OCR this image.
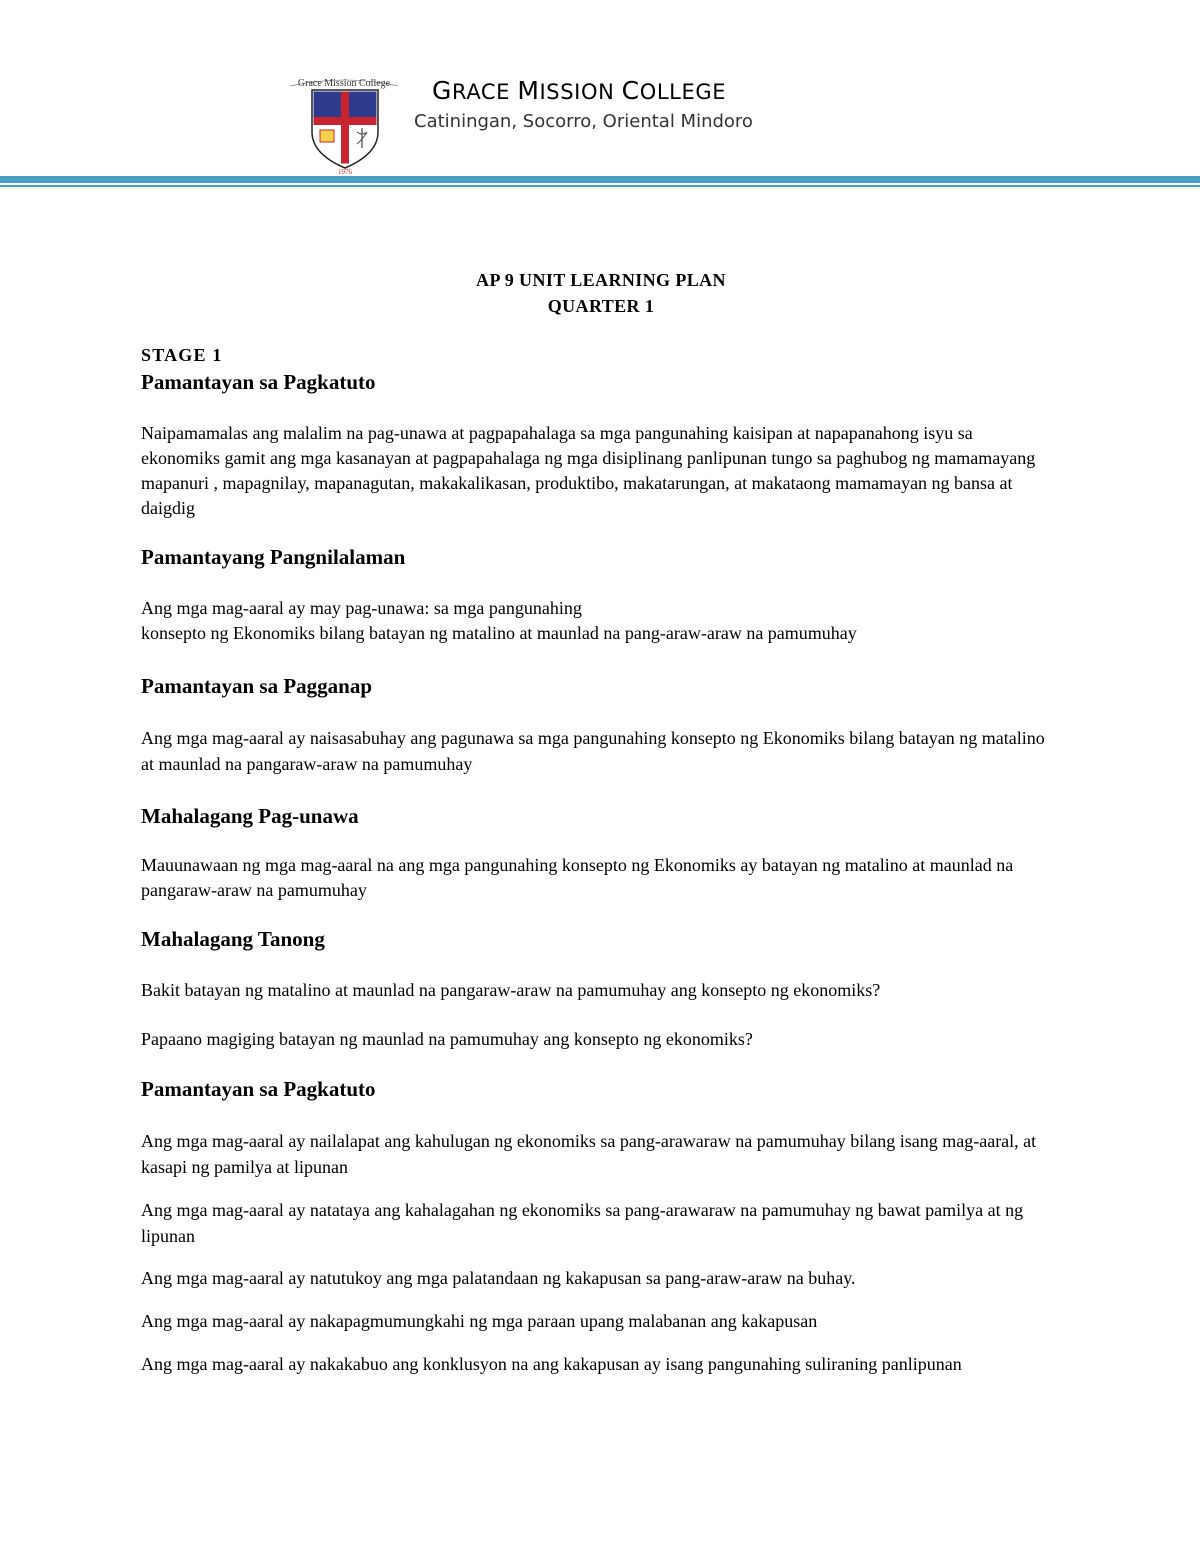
Grace Mission College
1976
GRACE MISSION COLLEGE
Catiningan, Socorro, Oriental Mindoro
AP 9 UNIT LEARNING PLAN
QUARTER 1
STAGE 1
Pamantayan sa Pagkatuto
Naipamamalas ang malalim na pag-unawa at pagpapahalaga sa mga pangunahing kaisipan at napapanahong isyu sa ekonomiks gamit ang mga kasanayan at pagpapahalaga ng mga disiplinang panlipunan tungo sa paghubog ng mamamayang mapanuri , mapagnilay, mapanagutan, makakalikasan, produktibo, makatarungan, at makataong mamamayan ng bansa at daigdig
Pamantayang Pangnilalaman
Ang mga mag-aaral ay may pag-unawa: sa mga pangunahing
konsepto ng Ekonomiks bilang batayan ng matalino at maunlad na pang-araw-araw na pamumuhay
Pamantayan sa Pagganap
Ang mga mag-aaral ay naisasabuhay ang pagunawa sa mga pangunahing konsepto ng Ekonomiks bilang batayan ng matalino at maunlad na pangaraw-araw na pamumuhay
Mahalagang Pag-unawa
Mauunawaan ng mga mag-aaral na ang mga pangunahing konsepto ng Ekonomiks ay batayan ng matalino at maunlad na pangaraw-araw na pamumuhay
Mahalagang Tanong
Bakit batayan ng matalino at maunlad na pangaraw-araw na pamumuhay ang konsepto ng ekonomiks?
Papaano magiging batayan ng maunlad na pamumuhay ang konsepto ng ekonomiks?
Pamantayan sa Pagkatuto
Ang mga mag-aaral ay nailalapat ang kahulugan ng ekonomiks sa pang-arawaraw na pamumuhay bilang isang mag-aaral, at kasapi ng pamilya at lipunan
Ang mga mag-aaral ay natataya ang kahalagahan ng ekonomiks sa pang-arawaraw na pamumuhay ng bawat pamilya at ng lipunan
Ang mga mag-aaral ay natutukoy ang mga palatandaan ng kakapusan sa pang-araw-araw na buhay.
Ang mga mag-aaral ay nakapagmumungkahi ng mga paraan upang malabanan ang kakapusan
Ang mga mag-aaral ay nakakabuo ang konklusyon na ang kakapusan ay isang pangunahing suliraning panlipunan
